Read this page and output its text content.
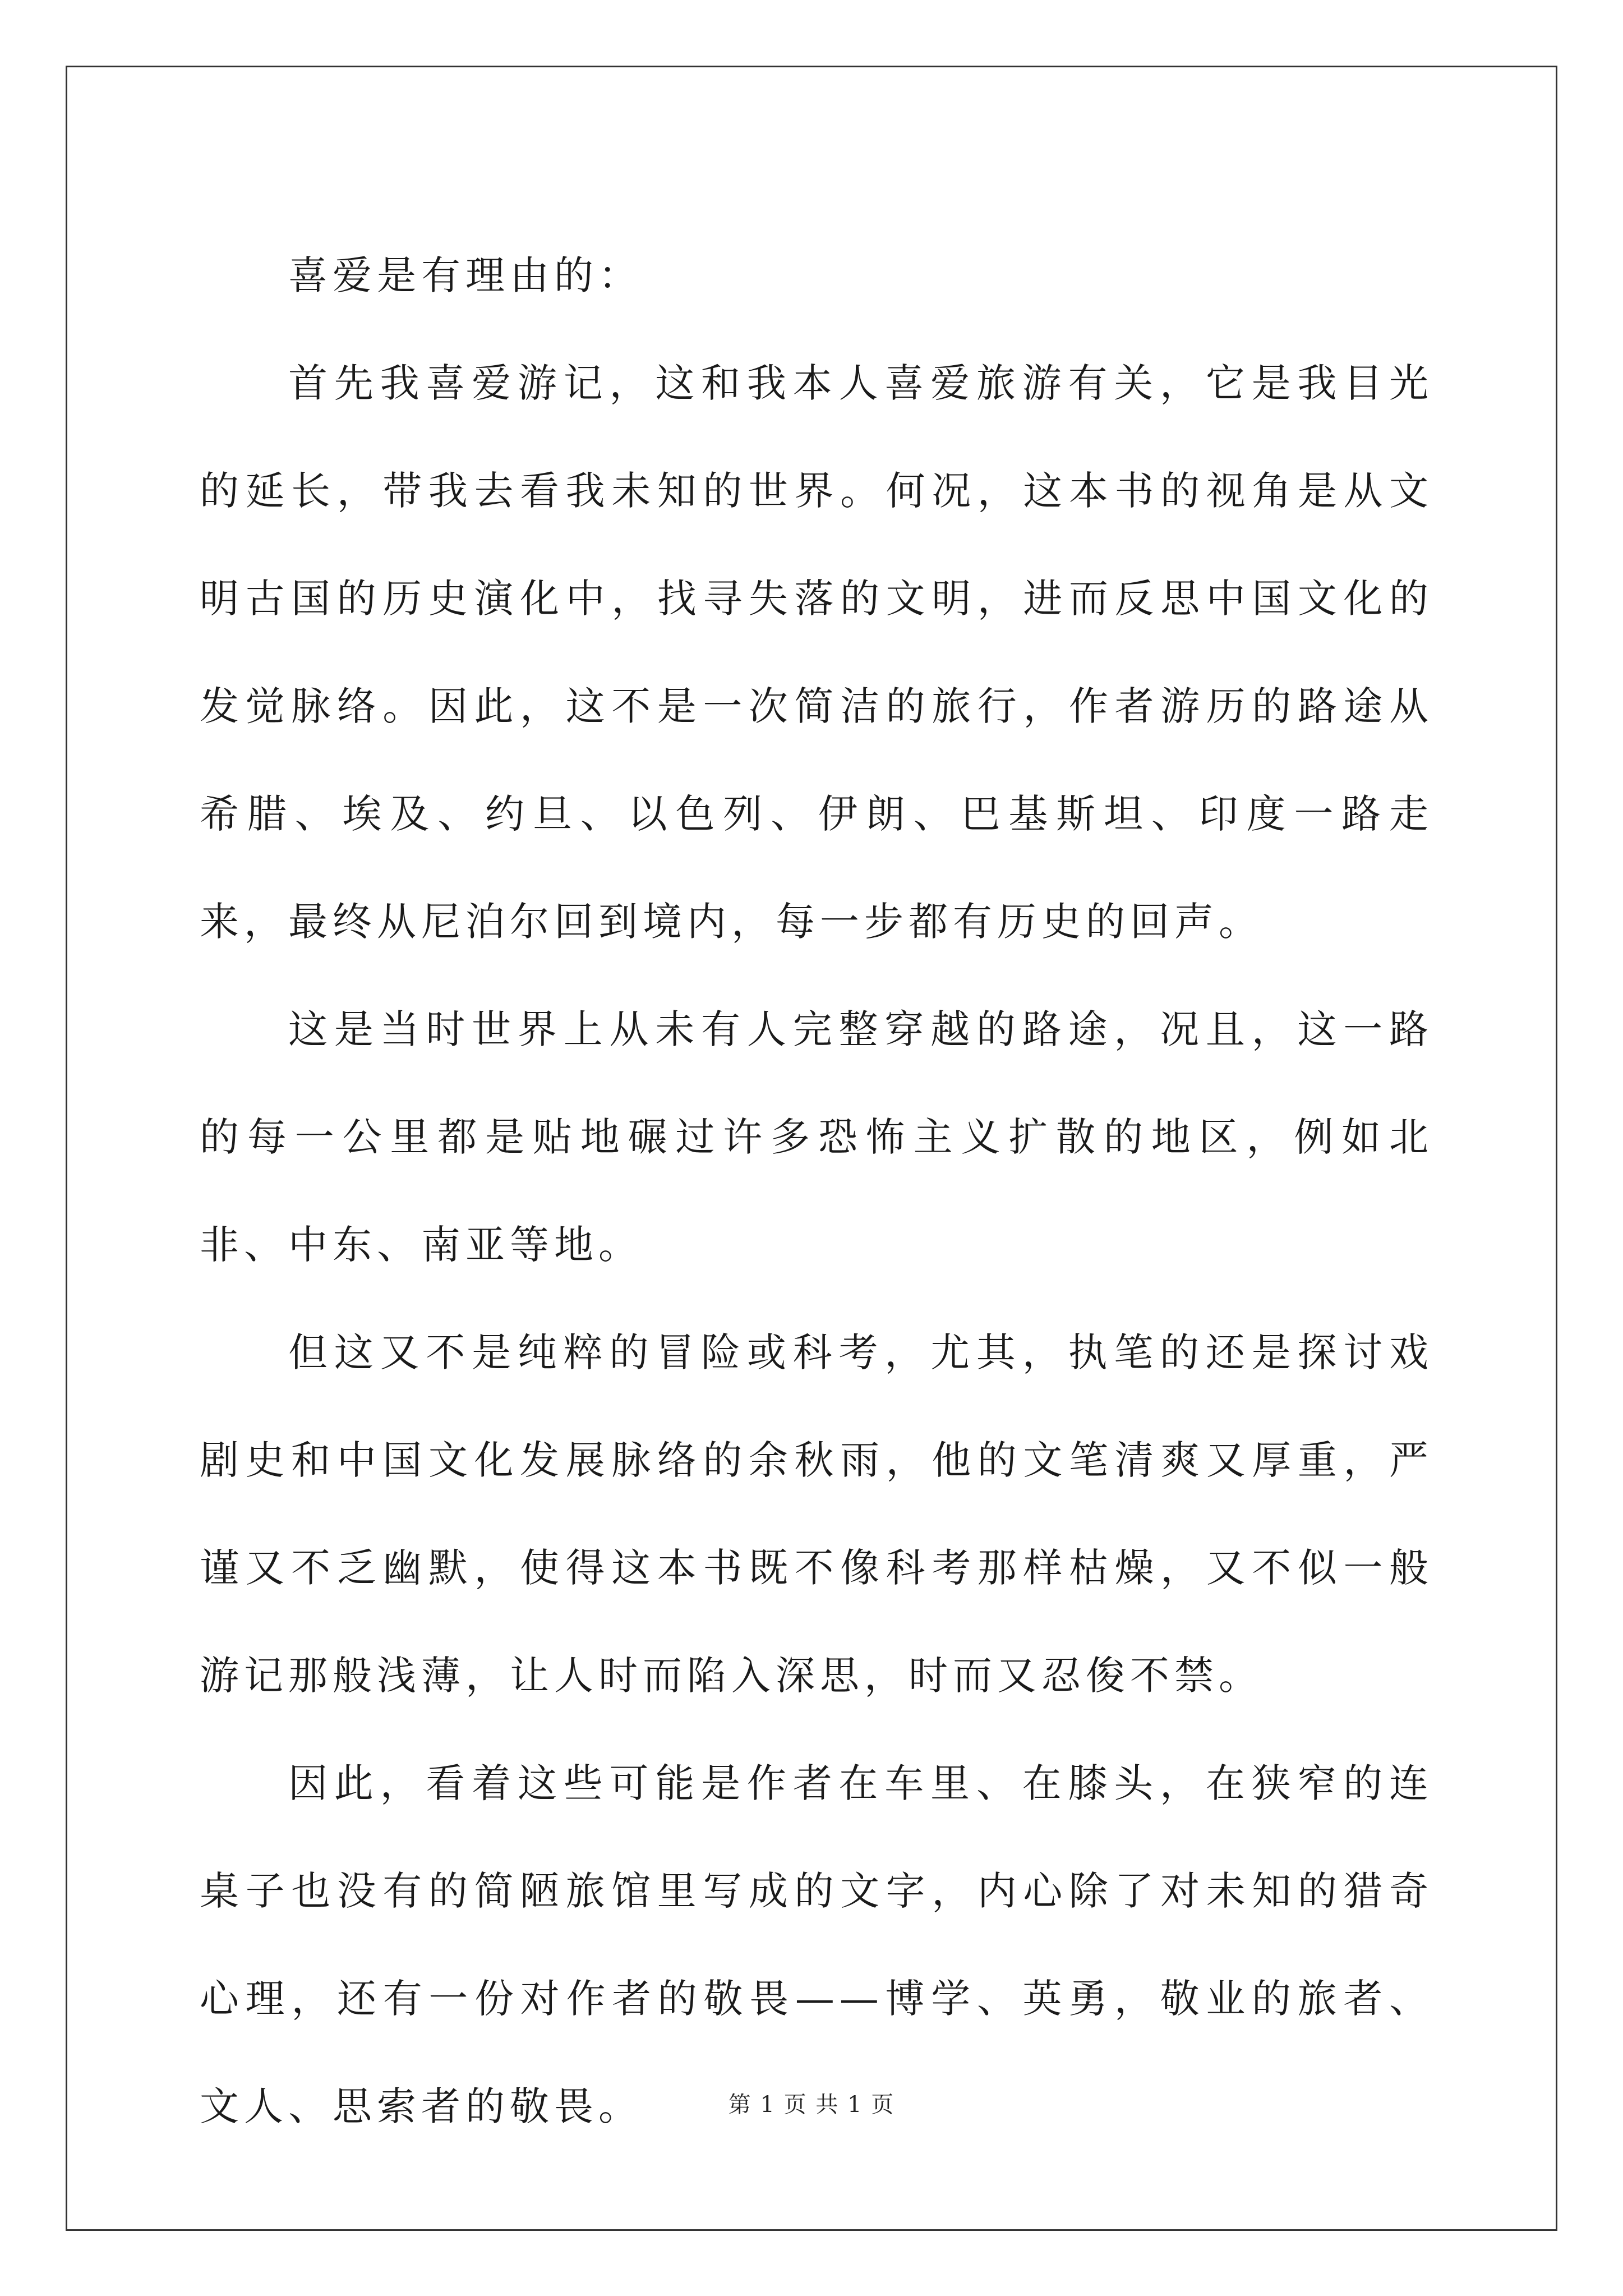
喜爱是有理由的：

首先我喜爱游记，这和我本人喜爱旅游有关，它是我目光的延长，带我去看我未知的世界。何况，这本书的视角是从文明古国的历史演化中，找寻失落的文明，进而反思中国文化的发觉脉络。因此，这不是一次简洁的旅行，作者游历的路途从希腊、埃及、约旦、以色列、伊朗、巴基斯坦、印度一路走来，最终从尼泊尔回到境内，每一步都有历史的回声。

这是当时世界上从未有人完整穿越的路途，况且，这一路的每一公里都是贴地碾过许多恐怖主义扩散的地区，例如北非、中东、南亚等地。

但这又不是纯粹的冒险或科考，尤其，执笔的还是探讨戏剧史和中国文化发展脉络的余秋雨，他的文笔清爽又厚重，严谨又不乏幽默，使得这本书既不像科考那样枯燥，又不似一般游记那般浅薄，让人时而陷入深思，时而又忍俊不禁。

因此，看着这些可能是作者在车里、在膝头，在狭窄的连桌子也没有的简陋旅馆里写成的文字，内心除了对未知的猎奇心理，还有一份对作者的敬畏——博学、英勇，敬业的旅者、文人、思索者的敬畏。	第 1 页 共 1 页
